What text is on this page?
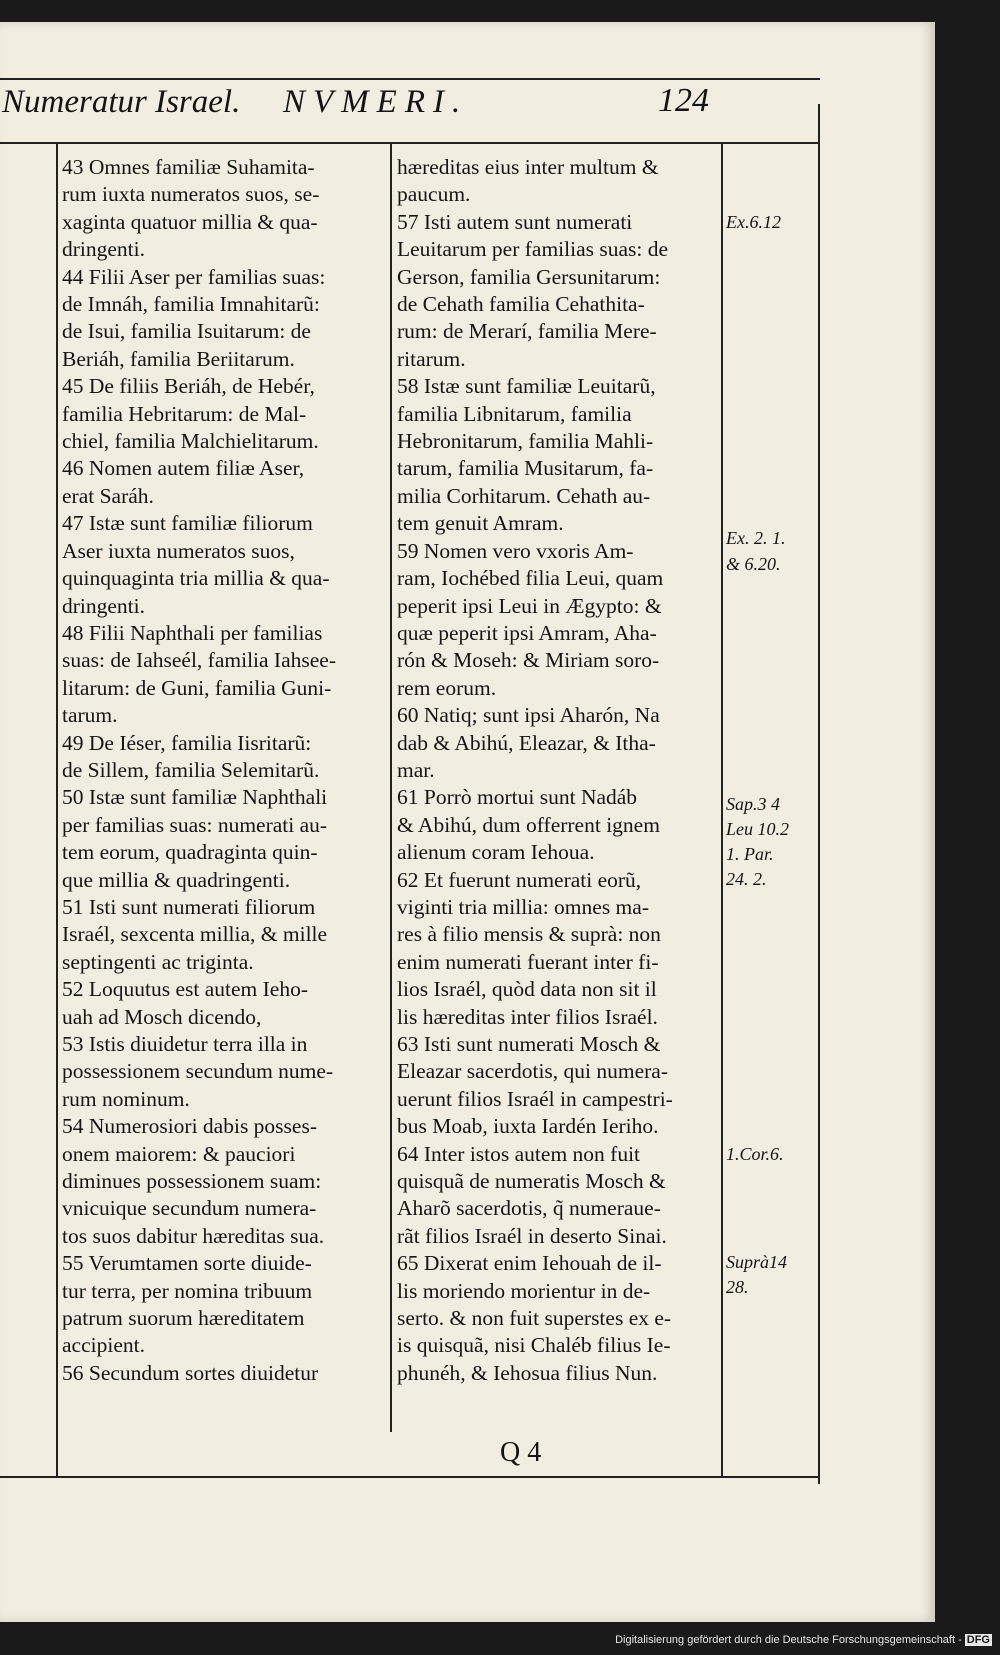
Numeratur Israel. NVMERI.	124

43 Omnes familiæ Suhamita-

rum iuxta numeratos suos, se-

xaginta quatuor millia & qua-

dringenti.

44 Filii Aser per familias suas:

de Imnáh, familia Imnahitarũ:

de Isui, familia Isuitarum: de

Beriáh, familia Beriitarum.

45 De filiis Beriáh, de Hebér,

familia Hebritarum: de Mal-

chiel, familia Malchielitarum.

46 Nomen autem filiæ Aser,

erat Saráh.

47 Istæ sunt familiæ filiorum

Aser iuxta numeratos suos,

quinquaginta tria millia & qua-

dringenti.

48 Filii Naphthali per familias

suas: de Iahseél, familia Iahsee-

litarum: de Guni, familia Guni-

tarum.

49 De Iéser, familia Iisritarũ:

de Sillem, familia Selemitarũ.

50 Istæ sunt familiæ Naphthali

per familias suas: numerati au-

tem eorum, quadraginta quin-

que millia & quadringenti.

51 Isti sunt numerati filiorum

Israél, sexcenta millia, & mille

septingenti ac triginta.

52 Loquutus est autem Ieho-

uah ad Mosch dicendo,

53 Istis diuidetur terra illa in

possessionem secundum nume-

rum nominum.

54 Numerosiori dabis posses-

onem maiorem: & pauciori

diminues possessionem suam:

vnicuique secundum numera-

tos suos dabitur hæreditas sua.

55 Verumtamen sorte diuide-

tur terra, per nomina tribuum

patrum suorum hæreditatem

accipient.

56 Secundum sortes diuidetur

hæreditas eius inter multum &

paucum.

57 Isti autem sunt numerati

Leuitarum per familias suas: de

Gerson, familia Gersunitarum:

de Cehath familia Cehathita-

rum: de Merarí, familia Mere-

ritarum.

58 Istæ sunt familiæ Leuitarũ,

familia Libnitarum, familia

Hebronitarum, familia Mahli-

tarum, familia Musitarum, fa-

milia Corhitarum. Cehath au-

tem genuit Amram.

59 Nomen vero vxoris Am-

ram, Iochébed filia Leui, quam

peperit ipsi Leui in Ægypto: &

quæ peperit ipsi Amram, Aha-

rón & Moseh: & Miriam soro-

rem eorum.

60 Natiq; sunt ipsi Aharón, Na

dab & Abihú, Eleazar, & Itha-

mar.

61 Porrò mortui sunt Nadáb

& Abihú, dum offerrent ignem

alienum coram Iehoua.

62 Et fuerunt numerati eorũ,

viginti tria millia: omnes ma-

res à filio mensis & suprà: non

enim numerati fuerant inter fi-

lios Israél, quòd data non sit il

lis hæreditas inter filios Israél.

63 Isti sunt numerati Mosch &

Eleazar sacerdotis, qui numera-

uerunt filios Israél in campestri-

bus Moab, iuxta Iardén Ieriho.

64 Inter istos autem non fuit

quisquã de numeratis Mosch &

Aharõ sacerdotis, q̃ numeraue-

rãt filios Israél in deserto Sinai.

65 Dixerat enim Iehouah de il-

lis moriendo morientur in de-

serto. & non fuit superstes ex e-

is quisquã, nisi Chaléb filius Ie-

phunéh, & Iehosua filius Nun.

Ex.6.12
Ex. 2. 1.
& 6.20.
Sap.3 4
Leu 10.2
1. Par.
24. 2.
1.Cor.6.
Suprà14
28.
Q 4
Digitalisierung gefördert durch die Deutsche Forschungsgemeinschaft - DFG
